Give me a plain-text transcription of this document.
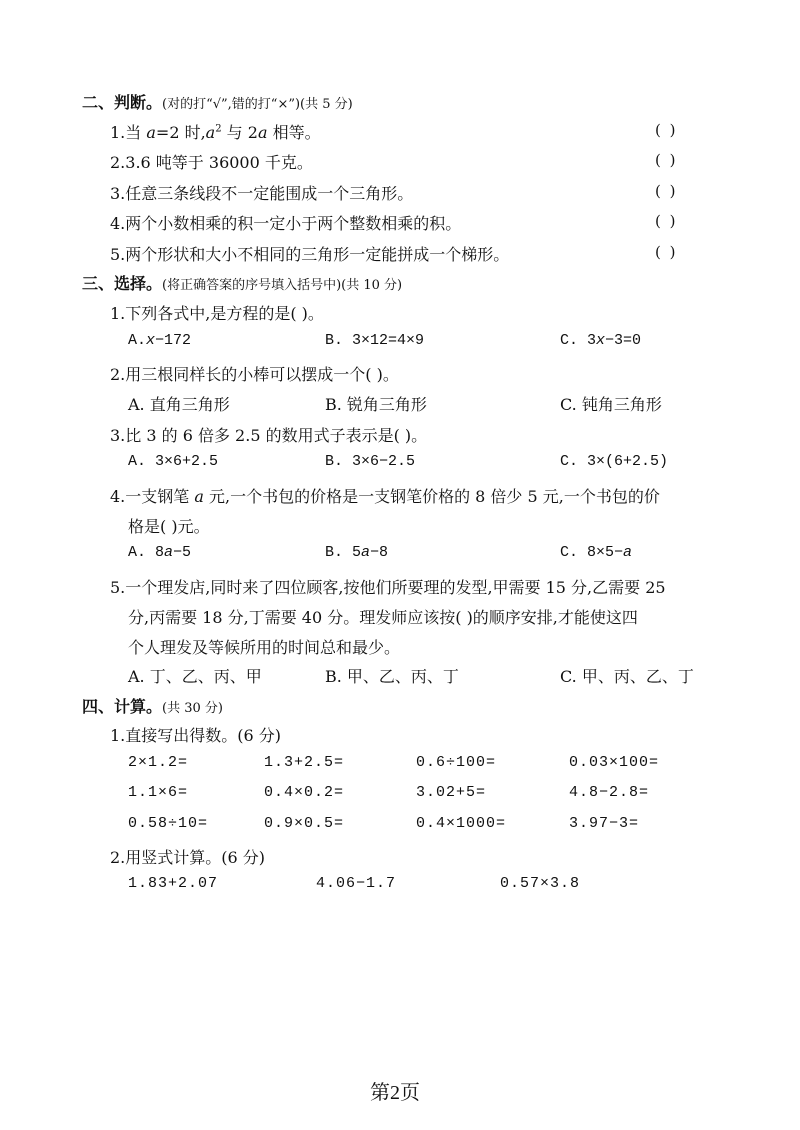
二、判断。(对的打“√”,错的打“×”)(共 5 分)
1.当 a=2 时$,a^2$ 与 2a 相等。	( )
2.3.6 吨等于 36000 千克。	( )
3.任意三条线段不一定能围成一个三角形。	( )
4.两个小数相乘的积一定小于两个整数相乘的积。	( )
5.两个形状和大小不相同的三角形一定能拼成一个梯形。	( )
三、选择。(将正确答案的序号填入括号中)(共 10 分)
1.下列各式中,是方程的是( )。
A.x−172	B. 3×12=4×9	C. 3x−3=0
2.用三根同样长的小棒可以摆成一个( )。
A. 直角三角形	B. 锐角三角形	C. 钝角三角形
3.比 3 的 6 倍多 2.5 的数用式子表示是( )。
A. 3×6+2.5	B. 3×6−2.5	C. 3×(6+2.5)
4.一支钢笔 a 元,一个书包的价格是一支钢笔价格的 8 倍少 5 元,一个书包的价
格是( )元。
A. 8a−5	B. 5a−8	C. 8×5−a
5.一个理发店,同时来了四位顾客,按他们所要理的发型,甲需要 15 分,乙需要 25
分,丙需要 18 分,丁需要 40 分。理发师应该按( )的顺序安排,才能使这四
个人理发及等候所用的时间总和最少。
A. 丁、乙、丙、甲	B. 甲、乙、丙、丁	C. 甲、丙、乙、丁
四、计算。(共 30 分)
1.直接写出得数。(6 分)
2×1.2=	1.3+2.5=	0.6÷100=	0.03×100=
1.1×6=	0.4×0.2=	3.02+5=	4.8−2.8=
0.58÷10=	0.9×0.5=	0.4×1000=	3.97−3=
2.用竖式计算。(6 分)
1.83+2.07	4.06−1.7	0.57×3.8
第2页
